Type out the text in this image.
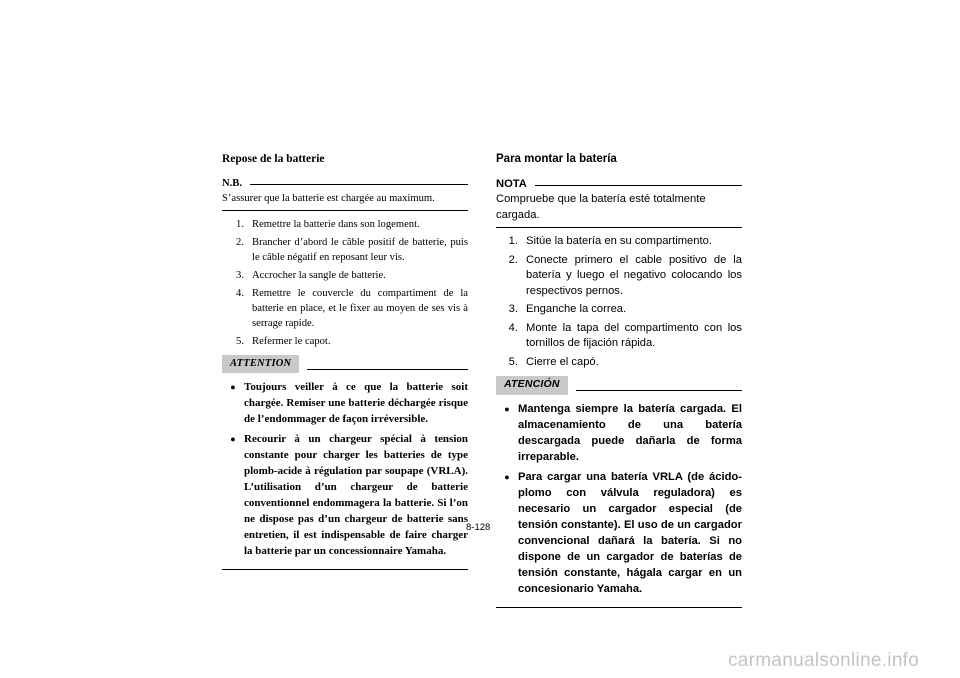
Repose de la batterie
N.B.

S’assurer que la batterie est chargée au maximum.

1. Remettre la batterie dans son logement.
2. Brancher d’abord le câble positif de batterie, puis le câble négatif en reposant leur vis.
3. Accrocher la sangle de batterie.
4. Remettre le couvercle du compartiment de la batterie en place, et le fixer au moyen de ses vis à serrage rapide.
5. Refermer le capot.
ATTENTION
● Toujours veiller à ce que la batterie soit chargée. Remiser une batterie déchargée risque de l’endommager de façon irréversible.
● Recourir à un chargeur spécial à tension constante pour charger les batteries de type plomb-acide à régulation par soupape (VRLA). L’utilisation d’un chargeur de batterie conventionnel endommagera la batterie. Si l’on ne dispose pas d’un chargeur de batterie sans entretien, il est indispensable de faire charger la batterie par un concessionnaire Yamaha.
Para montar la batería
NOTA

Compruebe que la batería esté totalmente cargada.

1. Sitúe la batería en su compartimento.
2. Conecte primero el cable positivo de la batería y luego el negativo colocando los respectivos pernos.
3. Enganche la correa.
4. Monte la tapa del compartimento con los tornillos de fijación rápida.
5. Cierre el capó.
ATENCIÓN
● Mantenga siempre la batería cargada. El almacenamiento de una batería descargada puede dañarla de forma irreparable.
● Para cargar una batería VRLA (de ácido-plomo con válvula reguladora) es necesario un cargador especial (de tensión constante). El uso de un cargador convencional dañará la batería. Si no dispone de un cargador de baterías de tensión constante, hágala cargar en un concesionario Yamaha.
8-128
carmanualsonline.info
